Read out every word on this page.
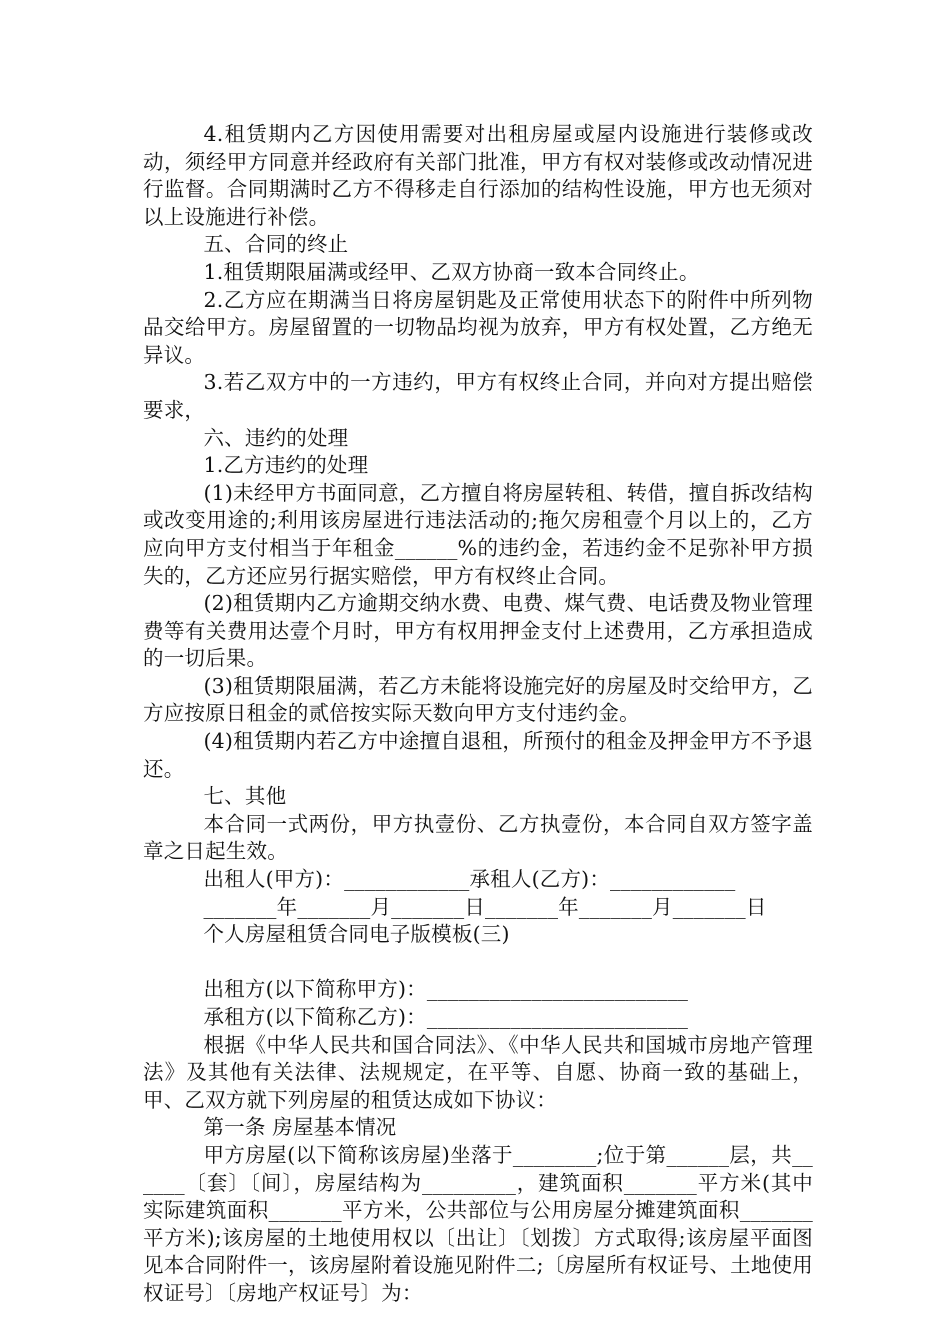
4.租赁期内乙方因使用需要对出租房屋或屋内设施进行装修或改动，须经甲方同意并经政府有关部门批准，甲方有权对装修或改动情况进行监督。合同期满时乙方不得移走自行添加的结构性设施，甲方也无须对以上设施进行补偿。

五、合同的终止

1.租赁期限届满或经甲、乙双方协商一致本合同终止。

2.乙方应在期满当日将房屋钥匙及正常使用状态下的附件中所列物品交给甲方。房屋留置的一切物品均视为放弃，甲方有权处置，乙方绝无异议。

3.若乙双方中的一方违约，甲方有权终止合同，并向对方提出赔偿要求，

六、违约的处理

1.乙方违约的处理

(1)未经甲方书面同意，乙方擅自将房屋转租、转借，擅自拆改结构或改变用途的;利用该房屋进行违法活动的;拖欠房租壹个月以上的，乙方应向甲方支付相当于年租金______%的违约金，若违约金不足弥补甲方损失的，乙方还应另行据实赔偿，甲方有权终止合同。

(2)租赁期内乙方逾期交纳水费、电费、煤气费、电话费及物业管理费等有关费用达壹个月时，甲方有权用押金支付上述费用，乙方承担造成的一切后果。

(3)租赁期限届满，若乙方未能将设施完好的房屋及时交给甲方，乙方应按原日租金的贰倍按实际天数向甲方支付违约金。

(4)租赁期内若乙方中途擅自退租，所预付的租金及押金甲方不予退还。

七、其他

本合同一式两份，甲方执壹份、乙方执壹份，本合同自双方签字盖章之日起生效。

出租人(甲方)：____________承租人(乙方)：____________

_______年_______月_______日_______年_______月_______日

个人房屋租赁合同电子版模板(三)

出租方(以下简称甲方)：_________________________

承租方(以下简称乙方)：_________________________

根据《中华人民共和国合同法》、《中华人民共和国城市房地产管理法》及其他有关法律、法规规定，在平等、自愿、协商一致的基础上，甲、乙双方就下列房屋的租赁达成如下协议：

第一条 房屋基本情况

甲方房屋(以下简称该房屋)坐落于________;位于第______层，共______〔套〕〔间〕，房屋结构为_________，建筑面积_______平方米(其中实际建筑面积_______平方米，公共部位与公用房屋分摊建筑面积_______平方米);该房屋的土地使用权以〔出让〕〔划拨〕方式取得;该房屋平面图见本合同附件一，该房屋附着设施见附件二;〔房屋所有权证号、土地使用权证号〕〔房地产权证号〕为：
